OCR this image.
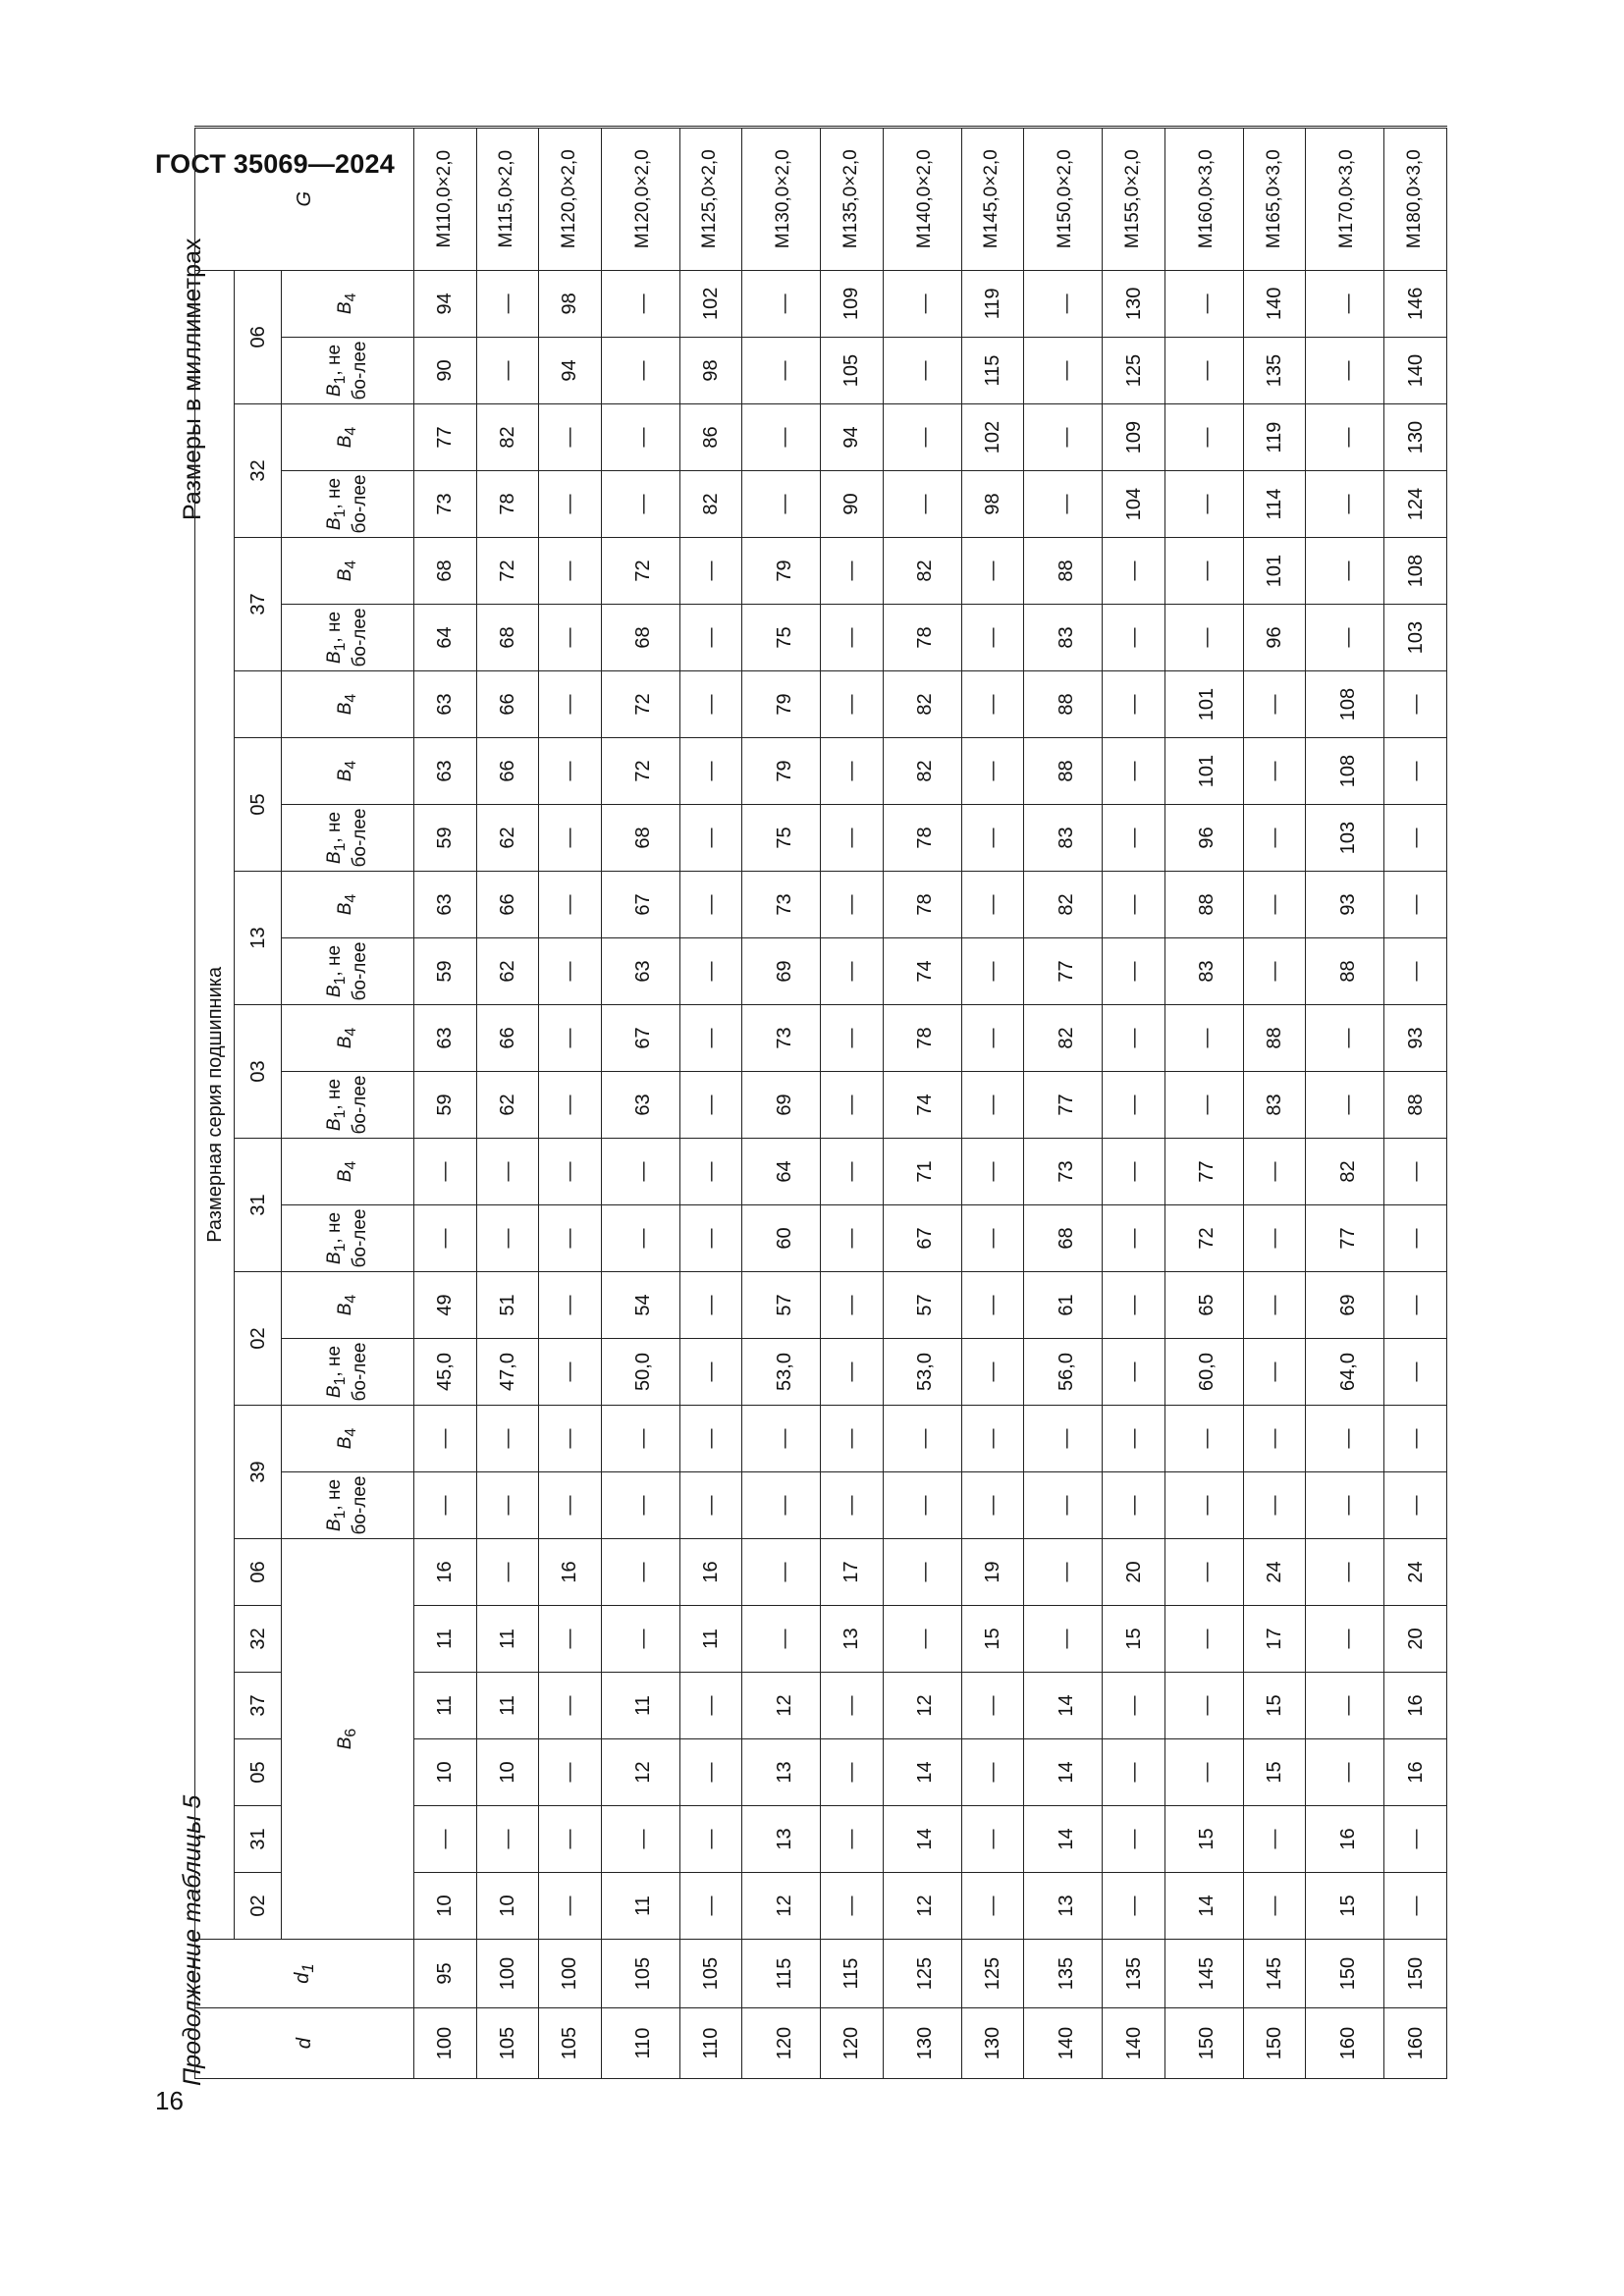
ГОСТ 35069—2024
Продолжение таблицы 5
Размеры в миллиметрах
16
d	$d_1$	Размерная серия подшипника																									G
		02	31	05	37	32	06	39		02		31		03		13		05			37		32		06		
		$B_6$						$B_1$, не бо-лее	$B_4$	$B_1$, не бо-лее	$B_4$	$B_1$, не бо-лее	$B_4$	$B_1$, не бо-лее	$B_4$	$B_1$, не бо-лее	$B_4$	$B_1$, не бо-лее	$B_4$	$B_4$	$B_1$, не бо-лее	$B_4$	$B_1$, не бо-лее	$B_4$	$B_1$, не бо-лее	$B_4$
100	95	10	—	10	11	11	16	—	—	45,0	49	—	—	59	63	59	63	59	63	63	64	68	73	77	90	94	M110,0×2,0
105	100	10	—	10	11	11	—	—	—	47,0	51	—	—	62	66	62	66	62	66	66	68	72	78	82	—	—	M115,0×2,0
105	100	—	—	—	—	—	16	—	—	—	—	—	—	—	—	—	—	—	—	—	—	—	—	—	94	98	M120,0×2,0
110	105	11	—	12	11	—	—	—	—	50,0	54	—	—	63	67	63	67	68	72	72	68	72	—	—	—	—	M120,0×2,0
110	105	—	—	—	—	11	16	—	—	—	—	—	—	—	—	—	—	—	—	—	—	—	82	86	98	102	M125,0×2,0
120	115	12	13	13	12	—	—	—	—	53,0	57	60	64	69	73	69	73	75	79	79	75	79	—	—	—	—	M130,0×2,0
120	115	—	—	—	—	13	17	—	—	—	—	—	—	—	—	—	—	—	—	—	—	—	90	94	105	109	M135,0×2,0
130	125	12	14	14	12	—	—	—	—	53,0	57	67	71	74	78	74	78	78	82	82	78	82	—	—	—	—	M140,0×2,0
130	125	—	—	—	—	15	19	—	—	—	—	—	—	—	—	—	—	—	—	—	—	—	98	102	115	119	M145,0×2,0
140	135	13	14	14	14	—	—	—	—	56,0	61	68	73	77	82	77	82	83	88	88	83	88	—	—	—	—	M150,0×2,0
140	135	—	—	—	—	15	20	—	—	—	—	—	—	—	—	—	—	—	—	—	—	—	104	109	125	130	M155,0×2,0
150	145	14	15	—	—	—	—	—	—	60,0	65	72	77	—	—	83	88	96	101	101	—	—	—	—	—	—	M160,0×3,0
150	145	—	—	15	15	17	24	—	—	—	—	—	—	83	88	—	—	—	—	—	96	101	114	119	135	140	M165,0×3,0
160	150	15	16	—	—	—	—	—	—	64,0	69	77	82	—	—	88	93	103	108	108	—	—	—	—	—	—	M170,0×3,0
160	150	—	—	16	16	20	24	—	—	—	—	—	—	88	93	—	—	—	—	—	103	108	124	130	140	146	M180,0×3,0
